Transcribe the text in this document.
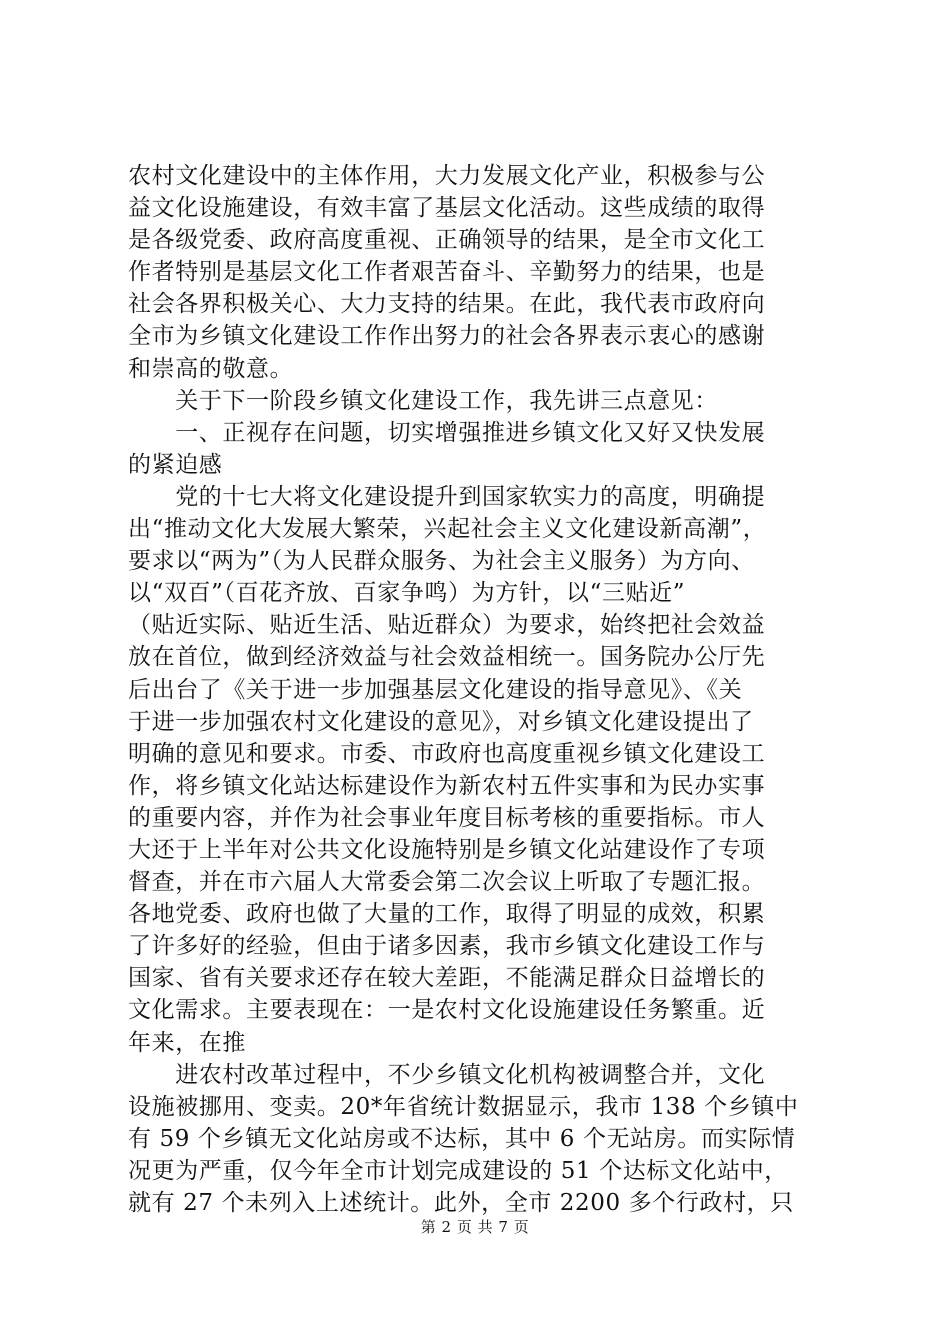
农村文化建设中的主体作用，大力发展文化产业，积极参与公
益文化设施建设，有效丰富了基层文化活动。这些成绩的取得
是各级党委、政府高度重视、正确领导的结果，是全市文化工
作者特别是基层文化工作者艰苦奋斗、辛勤努力的结果，也是
社会各界积极关心、大力支持的结果。在此，我代表市政府向
全市为乡镇文化建设工作作出努力的社会各界表示衷心的感谢
和崇高的敬意。
　　关于下一阶段乡镇文化建设工作，我先讲三点意见：
　　一、正视存在问题，切实增强推进乡镇文化又好又快发展
的紧迫感
　　党的十七大将文化建设提升到国家软实力的高度，明确提
出“推动文化大发展大繁荣，兴起社会主义文化建设新高潮”，
要求以“两为”（为人民群众服务、为社会主义服务）为方向、
以“双百”（百花齐放、百家争鸣）为方针，以“三贴近”
（贴近实际、贴近生活、贴近群众）为要求，始终把社会效益
放在首位，做到经济效益与社会效益相统一。国务院办公厅先
后出台了《关于进一步加强基层文化建设的指导意见》、《关
于进一步加强农村文化建设的意见》，对乡镇文化建设提出了
明确的意见和要求。市委、市政府也高度重视乡镇文化建设工
作，将乡镇文化站达标建设作为新农村五件实事和为民办实事
的重要内容，并作为社会事业年度目标考核的重要指标。市人
大还于上半年对公共文化设施特别是乡镇文化站建设作了专项
督查，并在市六届人大常委会第二次会议上听取了专题汇报。
各地党委、政府也做了大量的工作，取得了明显的成效，积累
了许多好的经验，但由于诸多因素，我市乡镇文化建设工作与
国家、省有关要求还存在较大差距，不能满足群众日益增长的
文化需求。主要表现在：一是农村文化设施建设任务繁重。近
年来，在推
　　进农村改革过程中，不少乡镇文化机构被调整合并，文化
设施被挪用、变卖。20*年省统计数据显示，我市 138 个乡镇中
有 59 个乡镇无文化站房或不达标，其中 6 个无站房。而实际情
况更为严重，仅今年全市计划完成建设的 51 个达标文化站中，
就有 27 个未列入上述统计。此外，全市 2200 多个行政村，只
第 2 页 共 7 页
